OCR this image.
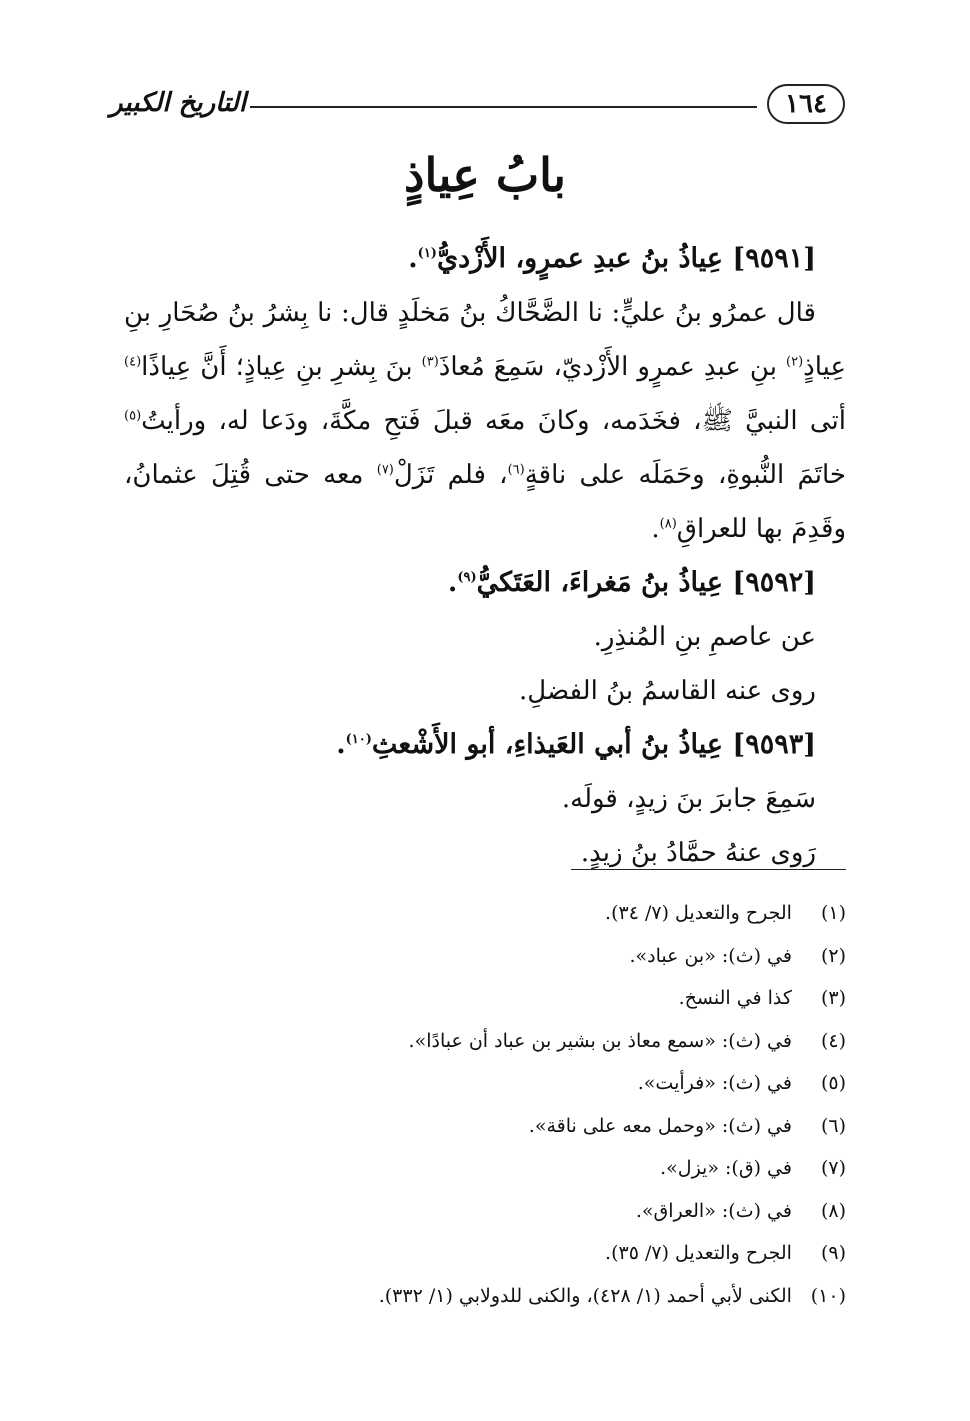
١٦٤
التاريخ الكبير
بابُ عِياذٍ
[٩٥٩١] عِياذُ بنُ عبدِ عمرٍو، الأَزْديُّ$^{(١)}$.
قال عمرُو بنُ عليٍّ: نا الضَّحَّاكُ بنُ مَخلَدٍ قال: نا بِشرُ بنُ صُحَارِ بنِ عِياذٍ$^{(٢)}$ بنِ عبدِ عمرٍو الأَزْديّ، سَمِعَ مُعاذَ$^{(٣)}$ بنَ بِشرِ بنِ عِياذٍ؛ أَنَّ عِياذًا$^{(٤)}$ أتى النبيَّ ﷺ، فخَدَمه، وكانَ معَه قبلَ فَتحِ مكَّةَ، ودَعا له، ورأيتُ$^{(٥)}$ خاتَمَ النُّبوةِ، وحَمَلَه على ناقةٍ$^{(٦)}$، فلم تَزَلْ$^{(٧)}$ معه حتى قُتِلَ عثمانُ، وقَدِمَ بها للعراقِ$^{(٨)}$.
[٩٥٩٢] عِياذُ بنُ مَغراءَ، العَتَكيُّ$^{(٩)}$.
عن عاصمِ بنِ المُنذِرِ.
روى عنه القاسمُ بنُ الفضلِ.
[٩٥٩٣] عِياذُ بنُ أبي العَيذاءِ، أبو الأَشْعثِ$^{(١٠)}$.
سَمِعَ جابرَ بنَ زيدٍ، قولَه.
رَوى عنهُ حمَّادُ بنُ زيدٍ.
(١) الجرح والتعديل (٧/ ٣٤).
(٢) في (ث): «بن عباد».
(٣) كذا في النسخ.
(٤) في (ث): «سمع معاذ بن بشير بن عباد أن عبادًا».
(٥) في (ث): «فرأيت».
(٦) في (ث): «وحمل معه على ناقة».
(٧) في (ق): «يزل».
(٨) في (ث): «العراق».
(٩) الجرح والتعديل (٧/ ٣٥).
(١٠) الكنى لأبي أحمد (١/ ٤٢٨)، والكنى للدولابي (١/ ٣٣٢).
